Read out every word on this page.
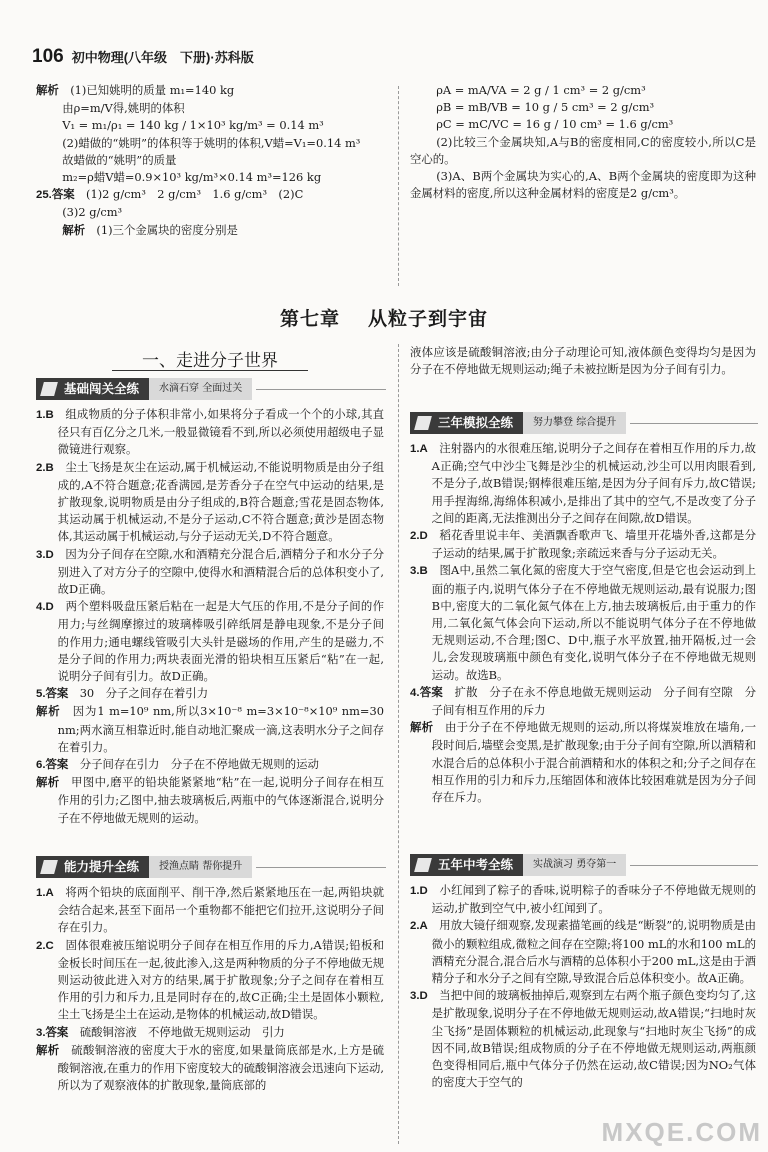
106 初中物理(八年级　下册)·苏科版

解析　 (1)已知姚明的质量 m₁=140 kg

由ρ=m/V得,姚明的体积

V₁ = m₁/ρ₁ = 140 kg / 1×10³ kg/m³ = 0.14 m³

(2)蜡做的“姚明”的体积等于姚明的体积,V蜡=V₁=0.14 m³

故蜡做的“姚明”的质量

m₂=ρ蜡V蜡=0.9×10³ kg/m³×0.14 m³=126 kg

25.答案　 (1)2 g/cm³　2 g/cm³　1.6 g/cm³　(2)C

(3)2 g/cm³

解析　 (1)三个金属块的密度分别是

ρA = mA/VA = 2 g / 1 cm³ = 2 g/cm³

ρB = mB/VB = 10 g / 5 cm³ = 2 g/cm³

ρC = mC/VC = 16 g / 10 cm³ = 1.6 g/cm³

(2)比较三个金属块知,A与B的密度相同,C的密度较小,所以C是空心的。

(3)A、B两个金属块为实心的,A、B两个金属块的密度即为这种金属材料的密度,所以这种金属材料的密度是2 g/cm³。

第七章 从粒子到宇宙
一、走进分子世界
基础闯关全练	水滴石穿 全面过关

1.B　 组成物质的分子体积非常小,如果将分子看成一个个的小球,其直径只有百亿分之几米,一般显微镜看不到,所以必须使用超级电子显微镜进行观察。

2.B　 尘土飞扬是灰尘在运动,属于机械运动,不能说明物质是由分子组成的,A不符合题意;花香满园,是芳香分子在空气中运动的结果,是扩散现象,说明物质是由分子组成的,B符合题意;雪花是固态物体,其运动属于机械运动,不是分子运动,C不符合题意;黄沙是固态物体,其运动属于机械运动,与分子运动无关,D不符合题意。

3.D　 因为分子间存在空隙,水和酒精充分混合后,酒精分子和水分子分别进入了对方分子的空隙中,使得水和酒精混合后的总体积变小了,故D正确。

4.D　 两个塑料吸盘压紧后粘在一起是大气压的作用,不是分子间的作用力;与丝绸摩擦过的玻璃棒吸引碎纸屑是静电现象,不是分子间的作用力;通电螺线管吸引大头针是磁场的作用,产生的是磁力,不是分子间的作用力;两块表面光滑的铅块相互压紧后“粘”在一起,说明分子间有引力。故D正确。

5.答案　 30　分子之间存在着引力

解析　 因为1 m=10⁹ nm,所以3×10⁻⁸ m=3×10⁻⁸×10⁹ nm=30 nm;两水滴互相靠近时,能自动地汇聚成一滴,这表明水分子之间存在着引力。

6.答案　 分子间存在引力　分子在不停地做无规则的运动

解析　 甲图中,磨平的铅块能紧紧地“粘”在一起,说明分子间存在相互作用的引力;乙图中,抽去玻璃板后,两瓶中的气体逐渐混合,说明分子在不停地做无规则的运动。

能力提升全练	授渔点睛 帮你提升

1.A　 将两个铅块的底面削平、削干净,然后紧紧地压在一起,两铅块就会结合起来,甚至下面吊一个重物都不能把它们拉开,这说明分子间存在引力。

2.C　 固体很难被压缩说明分子间存在相互作用的斥力,A错误;铅板和金板长时间压在一起,彼此渗入,这是两种物质的分子不停地做无规则运动彼此进入对方的结果,属于扩散现象;分子之间存在着相互作用的引力和斥力,且是同时存在的,故C正确;尘土是固体小颗粒,尘土飞扬是尘土在运动,是物体的机械运动,故D错误。

3.答案　 硫酸铜溶液　不停地做无规则运动　引力

解析　 硫酸铜溶液的密度大于水的密度,如果量筒底部是水,上方是硫酸铜溶液,在重力的作用下密度较大的硫酸铜溶液会迅速向下运动,所以为了观察液体的扩散现象,量筒底部的

液体应该是硫酸铜溶液;由分子动理论可知,液体颜色变得均匀是因为分子在不停地做无规则运动;绳子未被拉断是因为分子间有引力。

三年模拟全练	努力攀登 综合提升

1.A　 注射器内的水很难压缩,说明分子之间存在着相互作用的斥力,故A正确;空气中沙尘飞舞是沙尘的机械运动,沙尘可以用肉眼看到,不是分子,故B错误;钢棒很难压缩,是因为分子间有斥力,故C错误;用手捏海绵,海绵体积减小,是排出了其中的空气,不是改变了分子之间的距离,无法推测出分子之间存在间隙,故D错误。

2.D　 稻花香里说丰年、美酒飘香歌声飞、墙里开花墙外香,这都是分子运动的结果,属于扩散现象;亲疏远来香与分子运动无关。

3.B　 图A中,虽然二氧化氮的密度大于空气密度,但是它也会运动到上面的瓶子内,说明气体分子在不停地做无规则运动,最有说服力;图B中,密度大的二氧化氮气体在上方,抽去玻璃板后,由于重力的作用,二氧化氮气体会向下运动,所以不能说明气体分子在不停地做无规则运动,不合理;图C、D中,瓶子水平放置,抽开隔板,过一会儿,会发现玻璃瓶中颜色有变化,说明气体分子在不停地做无规则运动。故选B。

4.答案　 扩散　分子在永不停息地做无规则运动　分子间有空隙　分子间有相互作用的斥力

解析　 由于分子在不停地做无规则的运动,所以将煤炭堆放在墙角,一段时间后,墙壁会变黑,是扩散现象;由于分子间有空隙,所以酒精和水混合后的总体积小于混合前酒精和水的体积之和;分子之间存在相互作用的引力和斥力,压缩固体和液体比较困难就是因为分子间存在斥力。

五年中考全练	实战演习 勇夺第一

1.D　 小红闻到了粽子的香味,说明粽子的香味分子不停地做无规则的运动,扩散到空气中,被小红闻到了。

2.A　 用放大镜仔细观察,发现素描笔画的线是“断裂”的,说明物质是由微小的颗粒组成,微粒之间存在空隙;将100 mL的水和100 mL的酒精充分混合,混合后水与酒精的总体积小于200 mL,这是由于酒精分子和水分子之间有空隙,导致混合后总体积变小。故A正确。

3.D　 当把中间的玻璃板抽掉后,观察到左右两个瓶子颜色变均匀了,这是扩散现象,说明分子在不停地做无规则运动,故A错误;“扫地时灰尘飞扬”是固体颗粒的机械运动,此现象与“扫地时灰尘飞扬”的成因不同,故B错误;组成物质的分子在不停地做无规则运动,两瓶颜色变得相同后,瓶中气体分子仍然在运动,故C错误;因为NO₂气体的密度大于空气的

MXQE.COM
